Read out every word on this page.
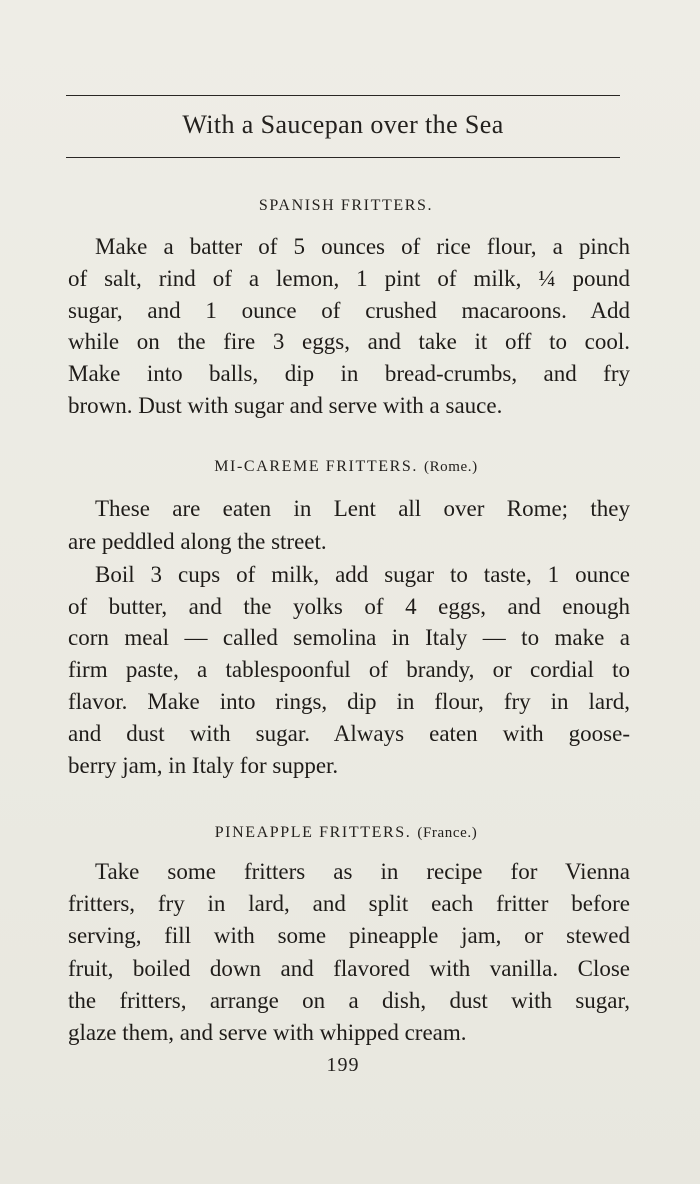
With a Saucepan over the Sea
SPANISH FRITTERS.
Make a batter of 5 ounces of rice flour, a pinch
of salt, rind of a lemon, 1 pint of milk, ¼ pound
sugar, and 1 ounce of crushed macaroons. Add
while on the fire 3 eggs, and take it off to cool.
Make into balls, dip in bread-crumbs, and fry
brown. Dust with sugar and serve with a sauce.
MI-CAREME FRITTERS. (Rome.)
These are eaten in Lent all over Rome; they
are peddled along the street.
Boil 3 cups of milk, add sugar to taste, 1 ounce
of butter, and the yolks of 4 eggs, and enough
corn meal — called semolina in Italy — to make a
firm paste, a tablespoonful of brandy, or cordial to
flavor. Make into rings, dip in flour, fry in lard,
and dust with sugar. Always eaten with goose-
berry jam, in Italy for supper.
PINEAPPLE FRITTERS. (France.)
Take some fritters as in recipe for Vienna
fritters, fry in lard, and split each fritter before
serving, fill with some pineapple jam, or stewed
fruit, boiled down and flavored with vanilla. Close
the fritters, arrange on a dish, dust with sugar,
glaze them, and serve with whipped cream.
199
